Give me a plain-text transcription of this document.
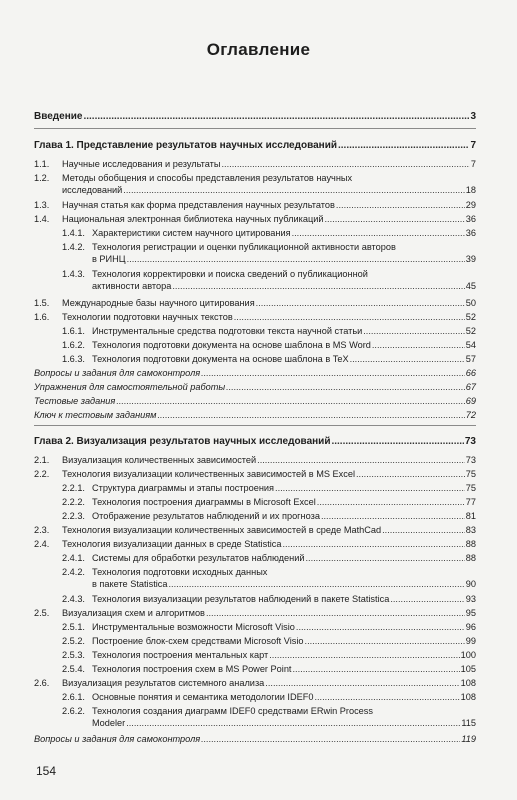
Оглавление
Введение .....	3
Глава 1. Представление результатов научных исследований .....	7
1.1. Научные исследования и результаты .....	7
1.2. Методы обобщения и способы представления результатов научных
исследований .....	18
1.3. Научная статья как форма представления научных результатов .....	29
1.4. Национальная электронная библиотека научных публикаций .....	36
1.4.1. Характеристики систем научного цитирования .....	36
1.4.2. Технология регистрации и оценки публикационной активности авторов
в РИНЦ .....	39
1.4.3. Технология корректировки и поиска сведений о публикационной
активности автора .....	45
1.5. Международные базы научного цитирования .....	50
1.6. Технологии подготовки научных текстов .....	52
1.6.1. Инструментальные средства подготовки текста научной статьи .....	52
1.6.2. Технология подготовки документа на основе шаблона в MS Word .....	54
1.6.3. Технология подготовки документа на основе шаблона в TeX .....	57
Вопросы и задания для самоконтроля .....	66
Упражнения для самостоятельной работы .....	67
Тестовые задания .....	69
Ключ к тестовым заданиям .....	72
Глава 2. Визуализация результатов научных исследований .....	73
2.1. Визуализация количественных зависимостей .....	73
2.2. Технология визуализации количественных зависимостей в MS Excel .....	75
2.2.1. Структура диаграммы и этапы построения .....	75
2.2.2. Технология построения диаграммы в Microsoft Excel .....	77
2.2.3. Отображение результатов наблюдений и их прогноза .....	81
2.3. Технология визуализации количественных зависимостей в среде MathCad .....	83
2.4. Технология визуализации данных в среде Statistica .....	88
2.4.1. Системы для обработки результатов наблюдений .....	88
2.4.2. Технология подготовки исходных данных
в пакете Statistica .....	90
2.4.3. Технология визуализации результатов наблюдений в пакете Statistica .....	93
2.5. Визуализация схем и алгоритмов .....	95
2.5.1. Инструментальные возможности Microsoft Visio .....	96
2.5.2. Построение блок-схем средствами Microsoft Visio .....	99
2.5.3. Технология построения ментальных карт .....	100
2.5.4. Технология построения схем в MS Power Point .....	105
2.6. Визуализация результатов системного анализа .....	108
2.6.1. Основные понятия и семантика методологии IDEF0 .....	108
2.6.2. Технология создания диаграмм IDEF0 средствами ERwin Process
Modeler .....	115
Вопросы и задания для самоконтроля .....	119
154
